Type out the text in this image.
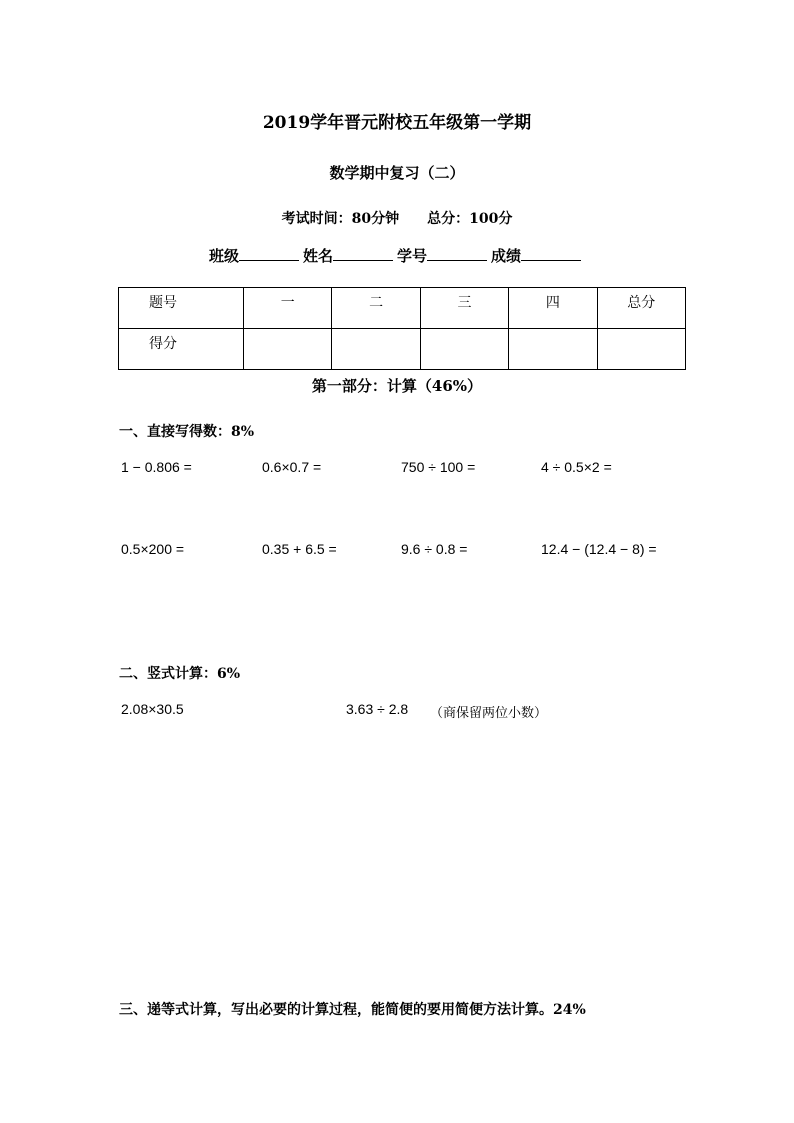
2019学年晋元附校五年级第一学期
数学期中复习（二）
考试时间：80分钟　　总分：100分
班级	姓名	学号	成绩
题号	一	二	三	四	总分
得分					
第一部分：计算（46%）
一、直接写得数：8%
1 − 0.806 =	0.6×0.7 =	750 ÷ 100 =	4 ÷ 0.5×2 =
0.5×200 =	0.35 + 6.5 =	9.6 ÷ 0.8 =	12.4 − (12.4 − 8) =
二、竖式计算：6%
2.08×30.5	3.63 ÷ 2.8 （商保留两位小数）
三、递等式计算，写出必要的计算过程，能简便的要用简便方法计算。24%
